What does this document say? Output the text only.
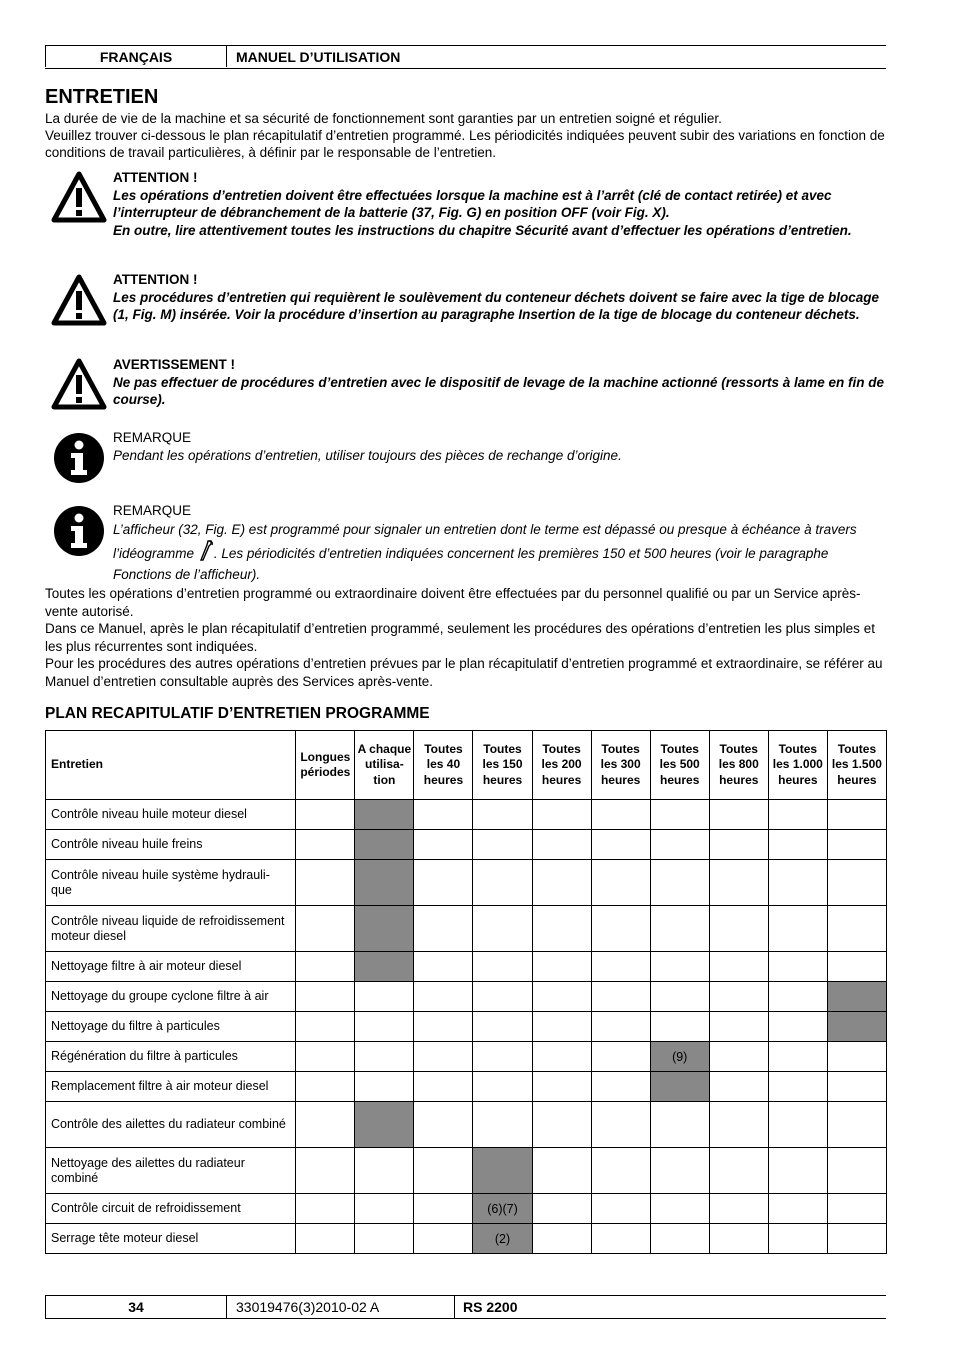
FRANÇAIS	MANUEL D’UTILISATION
ENTRETIEN

La durée de vie de la machine et sa sécurité de fonctionnement sont garanties par un entretien soigné et régulier.

Veuillez trouver ci-dessous le plan récapitulatif d’entretien programmé. Les périodicités indiquées peuvent subir des variations en fonction de conditions de travail particulières, à définir par le responsable de l’entretien.

ATTENTION !
Les opérations d’entretien doivent être effectuées lorsque la machine est à l’arrêt (clé de contact retirée) et avec l’interrupteur de débranchement de la batterie (37, Fig. G) en position OFF (voir Fig. X).
En outre, lire attentivement toutes les instructions du chapitre Sécurité avant d’effectuer les opérations d’entretien.
ATTENTION !
Les procédures d’entretien qui requièrent le soulèvement du conteneur déchets doivent se faire avec la tige de blocage (1, Fig. M) insérée. Voir la procédure d’insertion au paragraphe Insertion de la tige de blocage du conteneur déchets.
AVERTISSEMENT !
Ne pas effectuer de procédures d’entretien avec le dispositif de levage de la machine actionné (ressorts à lame en fin de course).
REMARQUE
Pendant les opérations d’entretien, utiliser toujours des pièces de rechange d’origine.
REMARQUE
L’afficheur (32, Fig. E) est programmé pour signaler un entretien dont le terme est dépassé ou presque à échéance à travers l’idéogramme . Les périodicités d’entretien indiquées concernent les premières 150 et 500 heures (voir le paragraphe Fonctions de l’afficheur).

Toutes les opérations d’entretien programmé ou extraordinaire doivent être effectuées par du personnel qualifié ou par un Service après-vente autorisé.

Dans ce Manuel, après le plan récapitulatif d’entretien programmé, seulement les procédures des opérations d’entretien les plus simples et les plus récurrentes sont indiquées.

Pour les procédures des autres opérations d’entretien prévues par le plan récapitulatif d’entretien programmé et extraordinaire, se référer au Manuel d’entretien consultable auprès des Services après-vente.

PLAN RECAPITULATIF D’ENTRETIEN PROGRAMME
Entretien	Longues périodes	A chaque utilisa- tion	Toutes les 40 heures	Toutes les 150 heures	Toutes les 200 heures	Toutes les 300 heures	Toutes les 500 heures	Toutes les 800 heures	Toutes les 1.000 heures	Toutes les 1.500 heures
Contrôle niveau huile moteur diesel										
Contrôle niveau huile freins										
Contrôle niveau huile système hydrauli- que										
Contrôle niveau liquide de refroidissement moteur diesel										
Nettoyage filtre à air moteur diesel										
Nettoyage du groupe cyclone filtre à air										
Nettoyage du filtre à particules										
Régénération du filtre à particules							(9)			
Remplacement filtre à air moteur diesel										
Contrôle des ailettes du radiateur combiné										
Nettoyage des ailettes du radiateur combiné										
Contrôle circuit de refroidissement				(6)(7)						
Serrage tête moteur diesel				(2)						
34	33019476(3)2010-02 A	RS 2200
